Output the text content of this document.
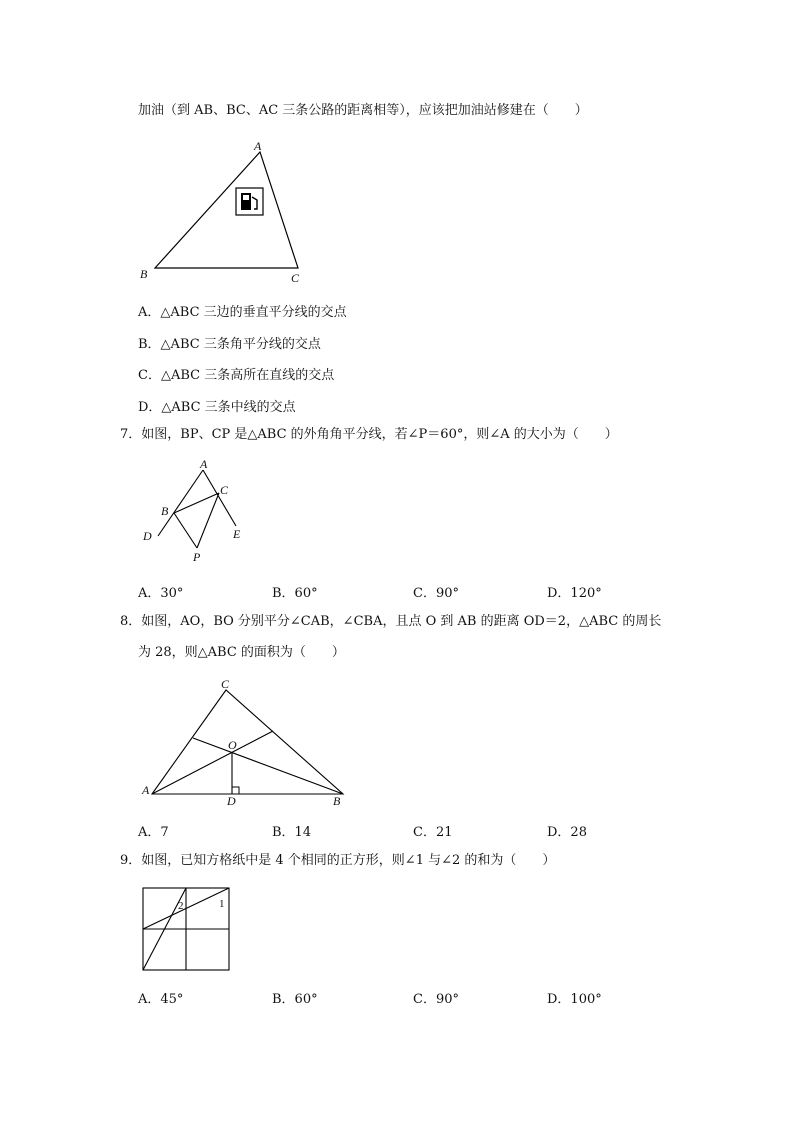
加油（到 AB、BC、AC 三条公路的距离相等），应该把加油站修建在（　　）
A
B	C
A．△ABC 三边的垂直平分线的交点
B．△ABC 三条角平分线的交点
C．△ABC 三条高所在直线的交点
D．△ABC 三条中线的交点
7．如图，BP、CP 是△ABC 的外角角平分线，若∠P＝60°，则∠A 的大小为（　　）
A
B
C
D	E
P
A．30°	B．60°	C．90°	D．120°
8．如图，AO，BO 分别平分∠CAB，∠CBA，且点 O 到 AB 的距离 OD＝2，△ABC 的周长
为 28，则△ABC 的面积为（　　）
C
A
B
D
O
A．7	B．14	C．21	D．28
9．如图，已知方格纸中是 4 个相同的正方形，则∠1 与∠2 的和为（　　）
1
2
A．45°	B．60°	C．90°	D．100°
